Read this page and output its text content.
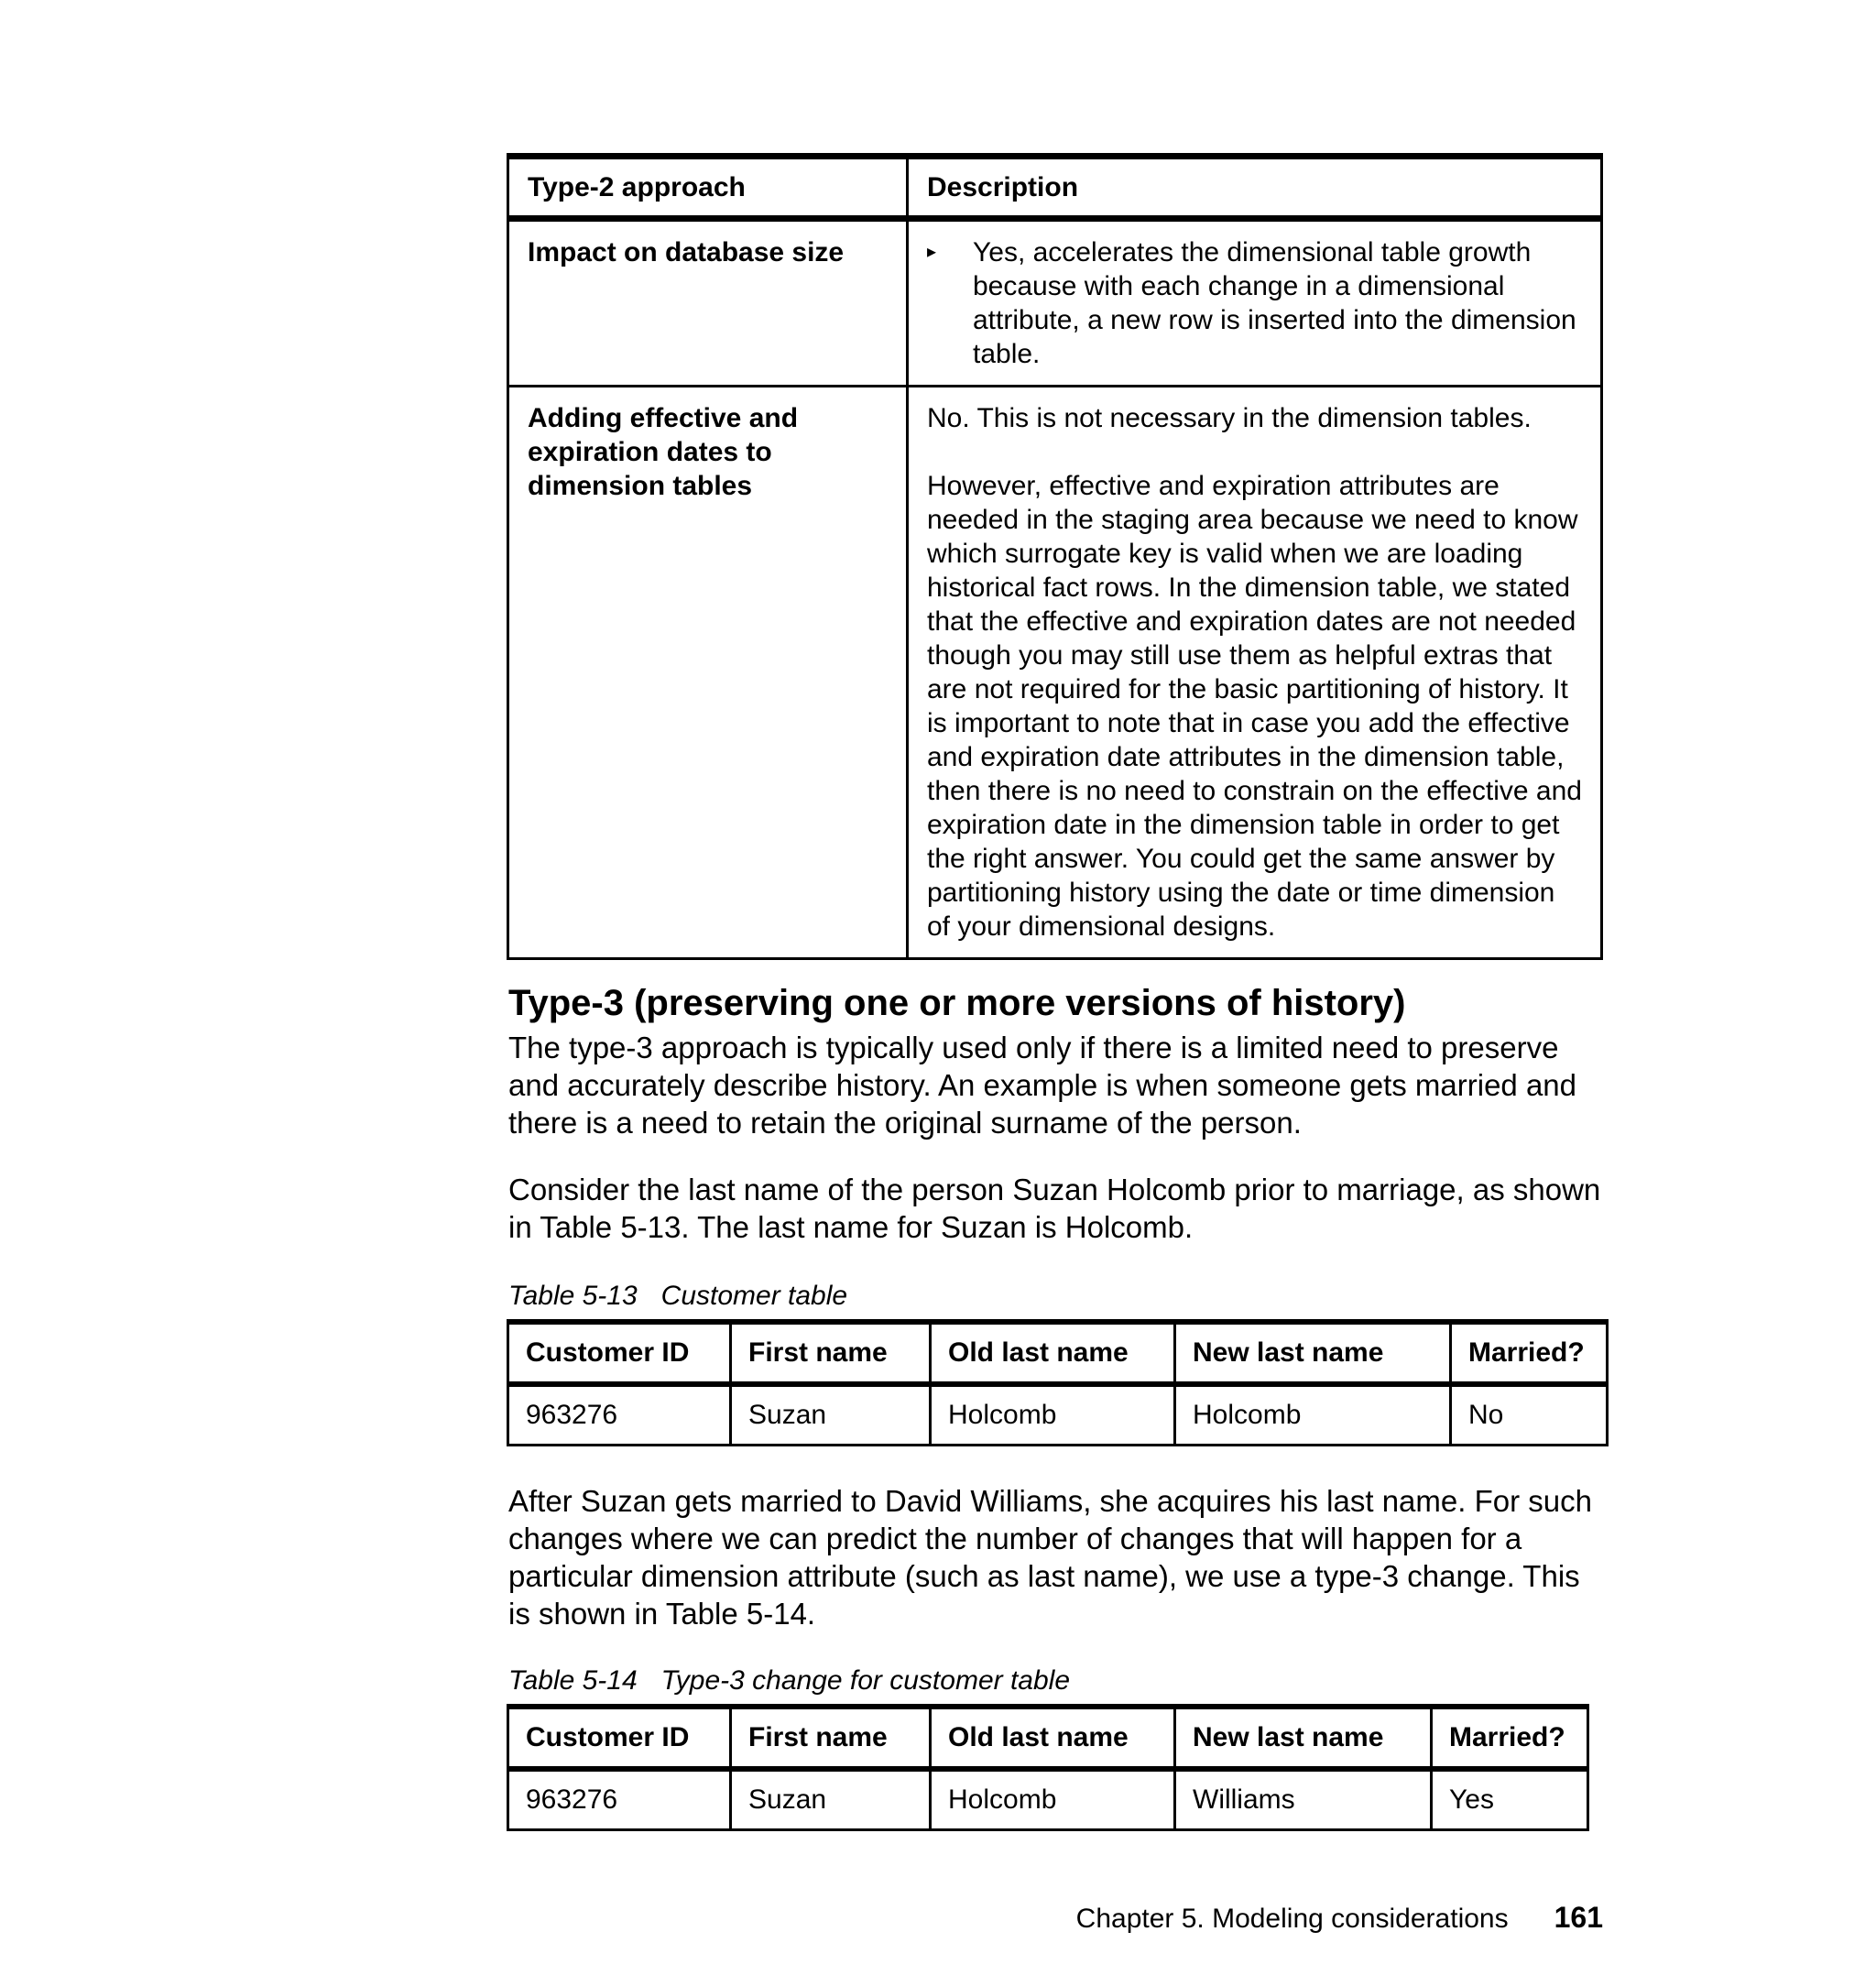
Type-2 approach	Description
Impact on database size	▸ Yes, accelerates the dimensional table growth because with each change in a dimensional attribute, a new row is inserted into the dimension table.

Adding effective and expiration dates to dimension tables	No. This is not necessary in the dimension tables.
However, effective and expiration attributes are needed in the staging area because we need to know which surrogate key is valid when we are loading historical fact rows. In the dimension table, we stated that the effective and expiration dates are not needed though you may still use them as helpful extras that are not required for the basic partitioning of history. It is important to note that in case you add the effective and expiration date attributes in the dimension table, then there is no need to constrain on the effective and expiration date in the dimension table in order to get the right answer. You could get the same answer by partitioning history using the date or time dimension of your dimensional designs.
Type-3 (preserving one or more versions of history)

The type-3 approach is typically used only if there is a limited need to preserve and accurately describe history. An example is when someone gets married and there is a need to retain the original surname of the person.

Consider the last name of the person Suzan Holcomb prior to marriage, as shown in Table 5-13. The last name for Suzan is Holcomb.

Table 5-13 Customer table

Customer ID	First name	Old last name	New last name	Married?
963276	Suzan	Holcomb	Holcomb	No

After Suzan gets married to David Williams, she acquires his last name. For such changes where we can predict the number of changes that will happen for a particular dimension attribute (such as last name), we use a type-3 change. This is shown in Table 5-14.

Table 5-14 Type-3 change for customer table

Customer ID	First name	Old last name	New last name	Married?
963276	Suzan	Holcomb	Williams	Yes
Chapter 5. Modeling considerations 161
